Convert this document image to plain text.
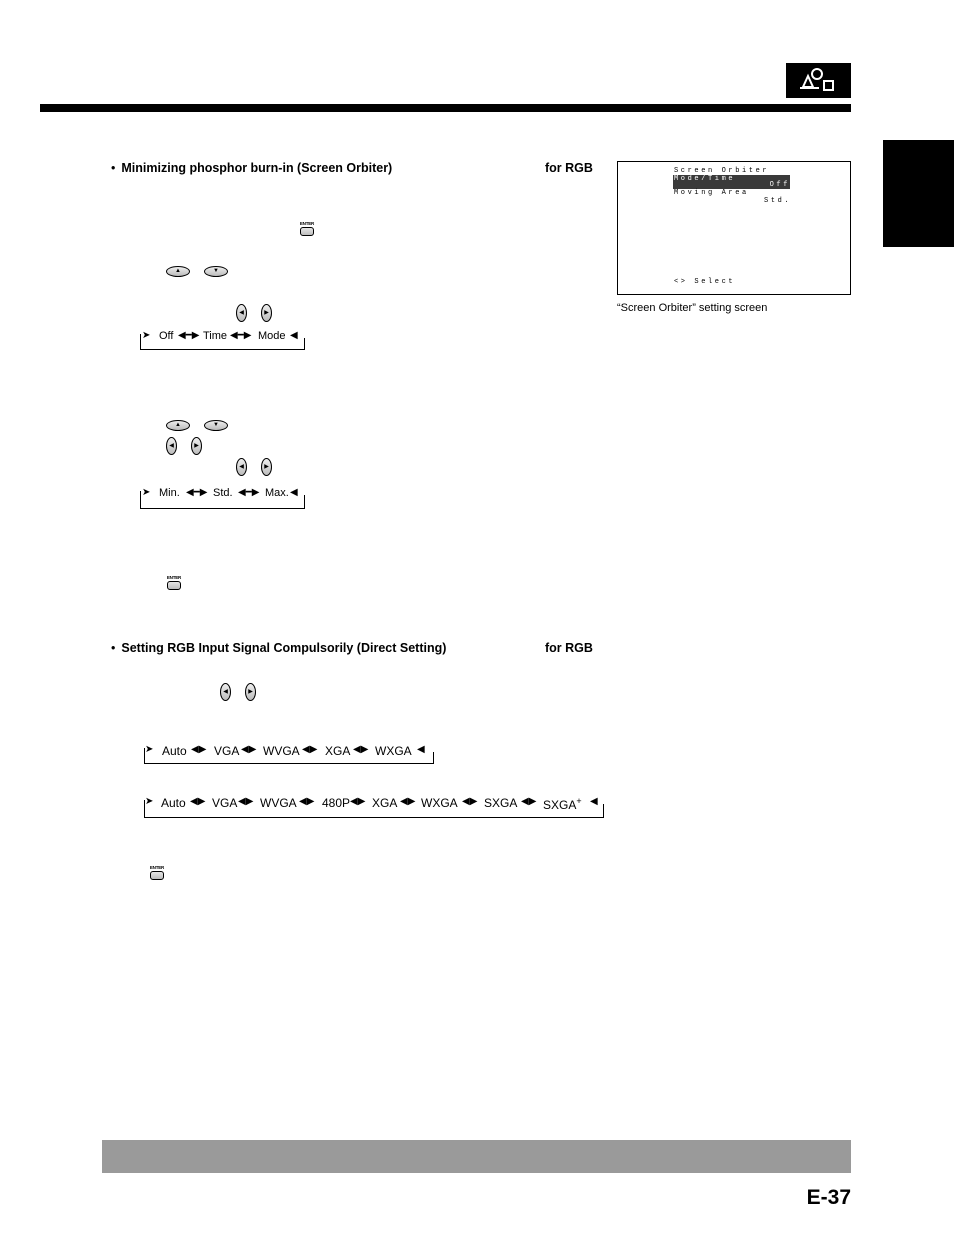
• Minimizing phosphor burn-in (Screen Orbiter)	for RGB
ENTER
▲	▼
◀	▶
➤ Off ◀━▶ Time ◀━▶ Mode ◀
▲	▼
◀	▶
◀	▶
➤ Min. ◀━▶ Std. ◀━▶ Max. ◀
ENTER
Screen Orbiter
Mode/Time
Off
Moving Area
Std.
<> Select
“Screen Orbiter” setting screen
• Setting RGB Input Signal Compulsorily (Direct Setting)	for RGB
◀	▶
➤ Auto ◀▶ VGA ◀▶ WVGA ◀▶ XGA ◀▶ WXGA ◀
➤ Auto ◀▶ VGA ◀▶ WVGA ◀▶ 480P ◀▶ XGA ◀▶ WXGA ◀▶ SXGA ◀▶ SXGA+ ◀
ENTER
E-37
